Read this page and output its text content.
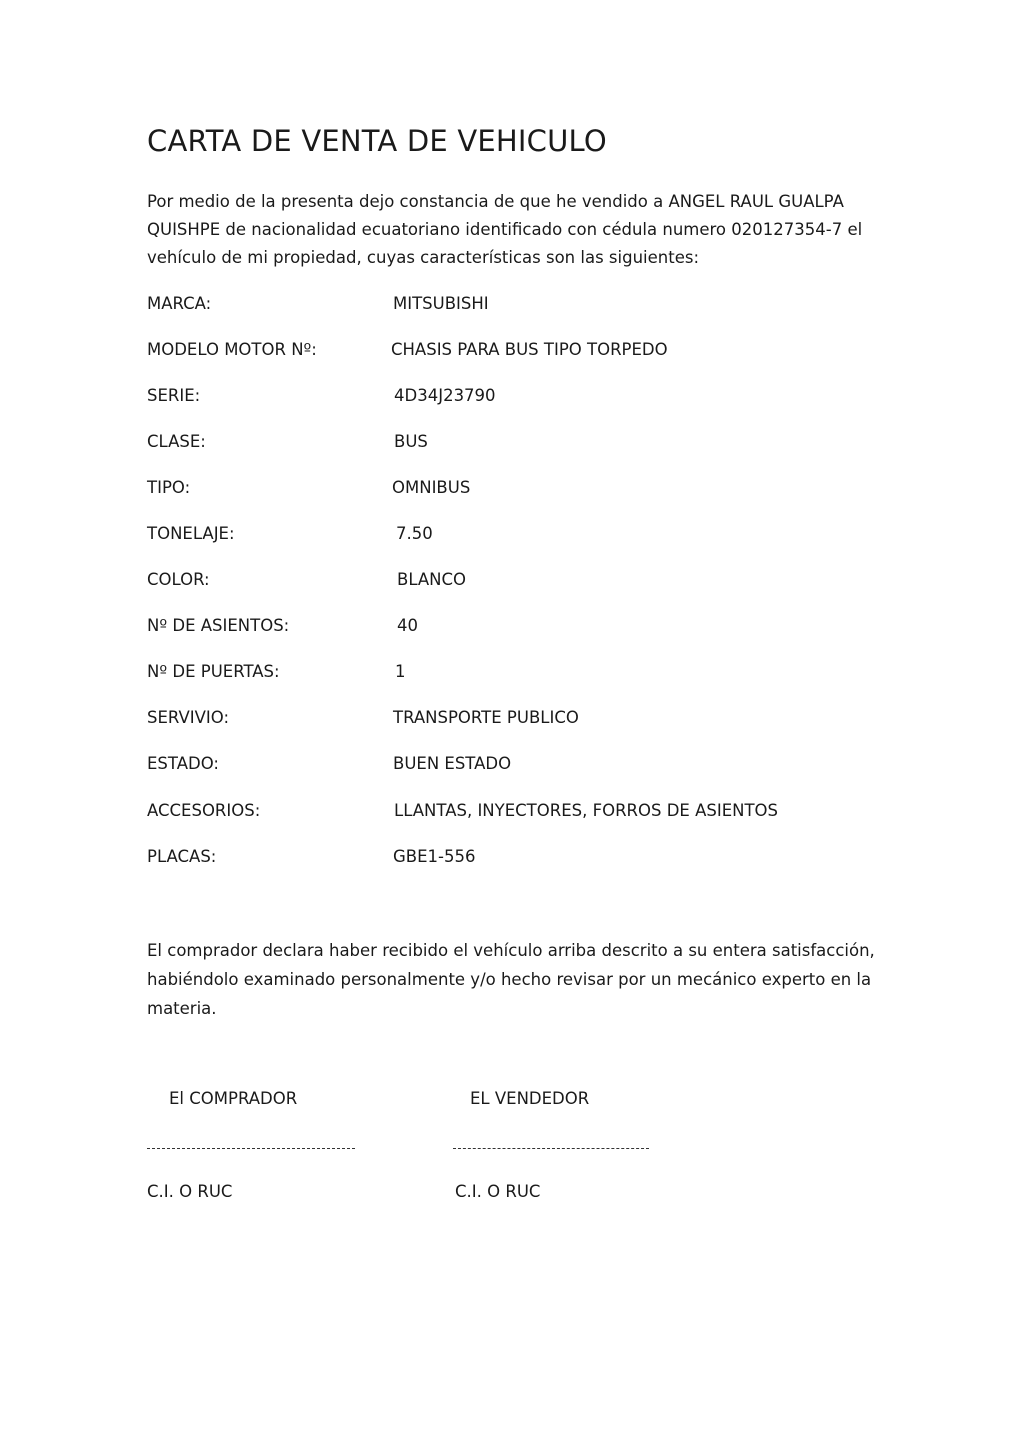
CARTA DE VENTA DE VEHICULO

Por medio de la presenta dejo constancia de que he vendido a ANGEL RAUL GUALPA QUISHPE de nacionalidad ecuatoriano identificado con cédula numero 020127354-7 el vehículo de mi propiedad, cuyas características son las siguientes:

MARCA:	MITSUBISHI
MODELO MOTOR Nº:	CHASIS PARA BUS TIPO TORPEDO
SERIE:	4D34J23790
CLASE:	BUS
TIPO:	OMNIBUS
TONELAJE:	7.50
COLOR:	BLANCO
Nº DE ASIENTOS:	40
Nº DE PUERTAS:	1
SERVIVIO:	TRANSPORTE PUBLICO
ESTADO:	BUEN ESTADO
ACCESORIOS:	LLANTAS, INYECTORES, FORROS DE ASIENTOS
PLACAS:	GBE1-556

El comprador declara haber recibido el vehículo arriba descrito a su entera satisfacción, habiéndolo examinado personalmente y/o hecho revisar por un mecánico experto en la materia.

El COMPRADOR	EL VENDEDOR
C.I. O RUC	C.I. O RUC
